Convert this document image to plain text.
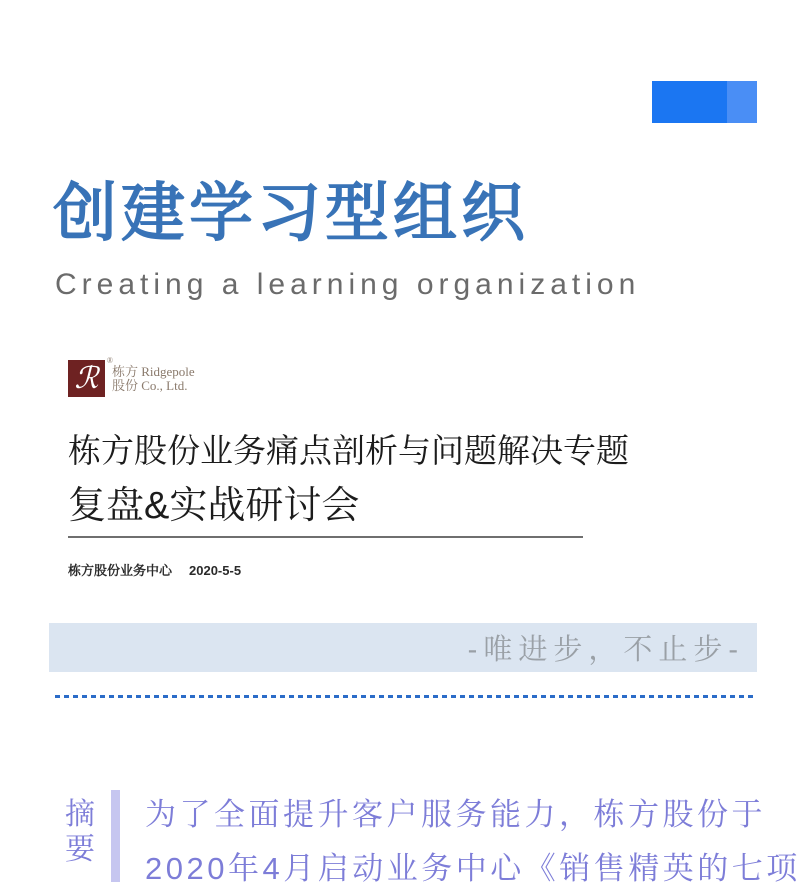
创建学习型组织
Creating a learning organization
ℛ
®
栋方 Ridgepole
股份 Co., Ltd.
栋方股份业务痛点剖析与问题解决专题
复盘&实战研讨会
栋方股份业务中心 2020-5-5
-唯进步，不止步-
摘
要
为了全面提升客户服务能力，栋方股份于
2020年4月启动业务中心《销售精英的七项
